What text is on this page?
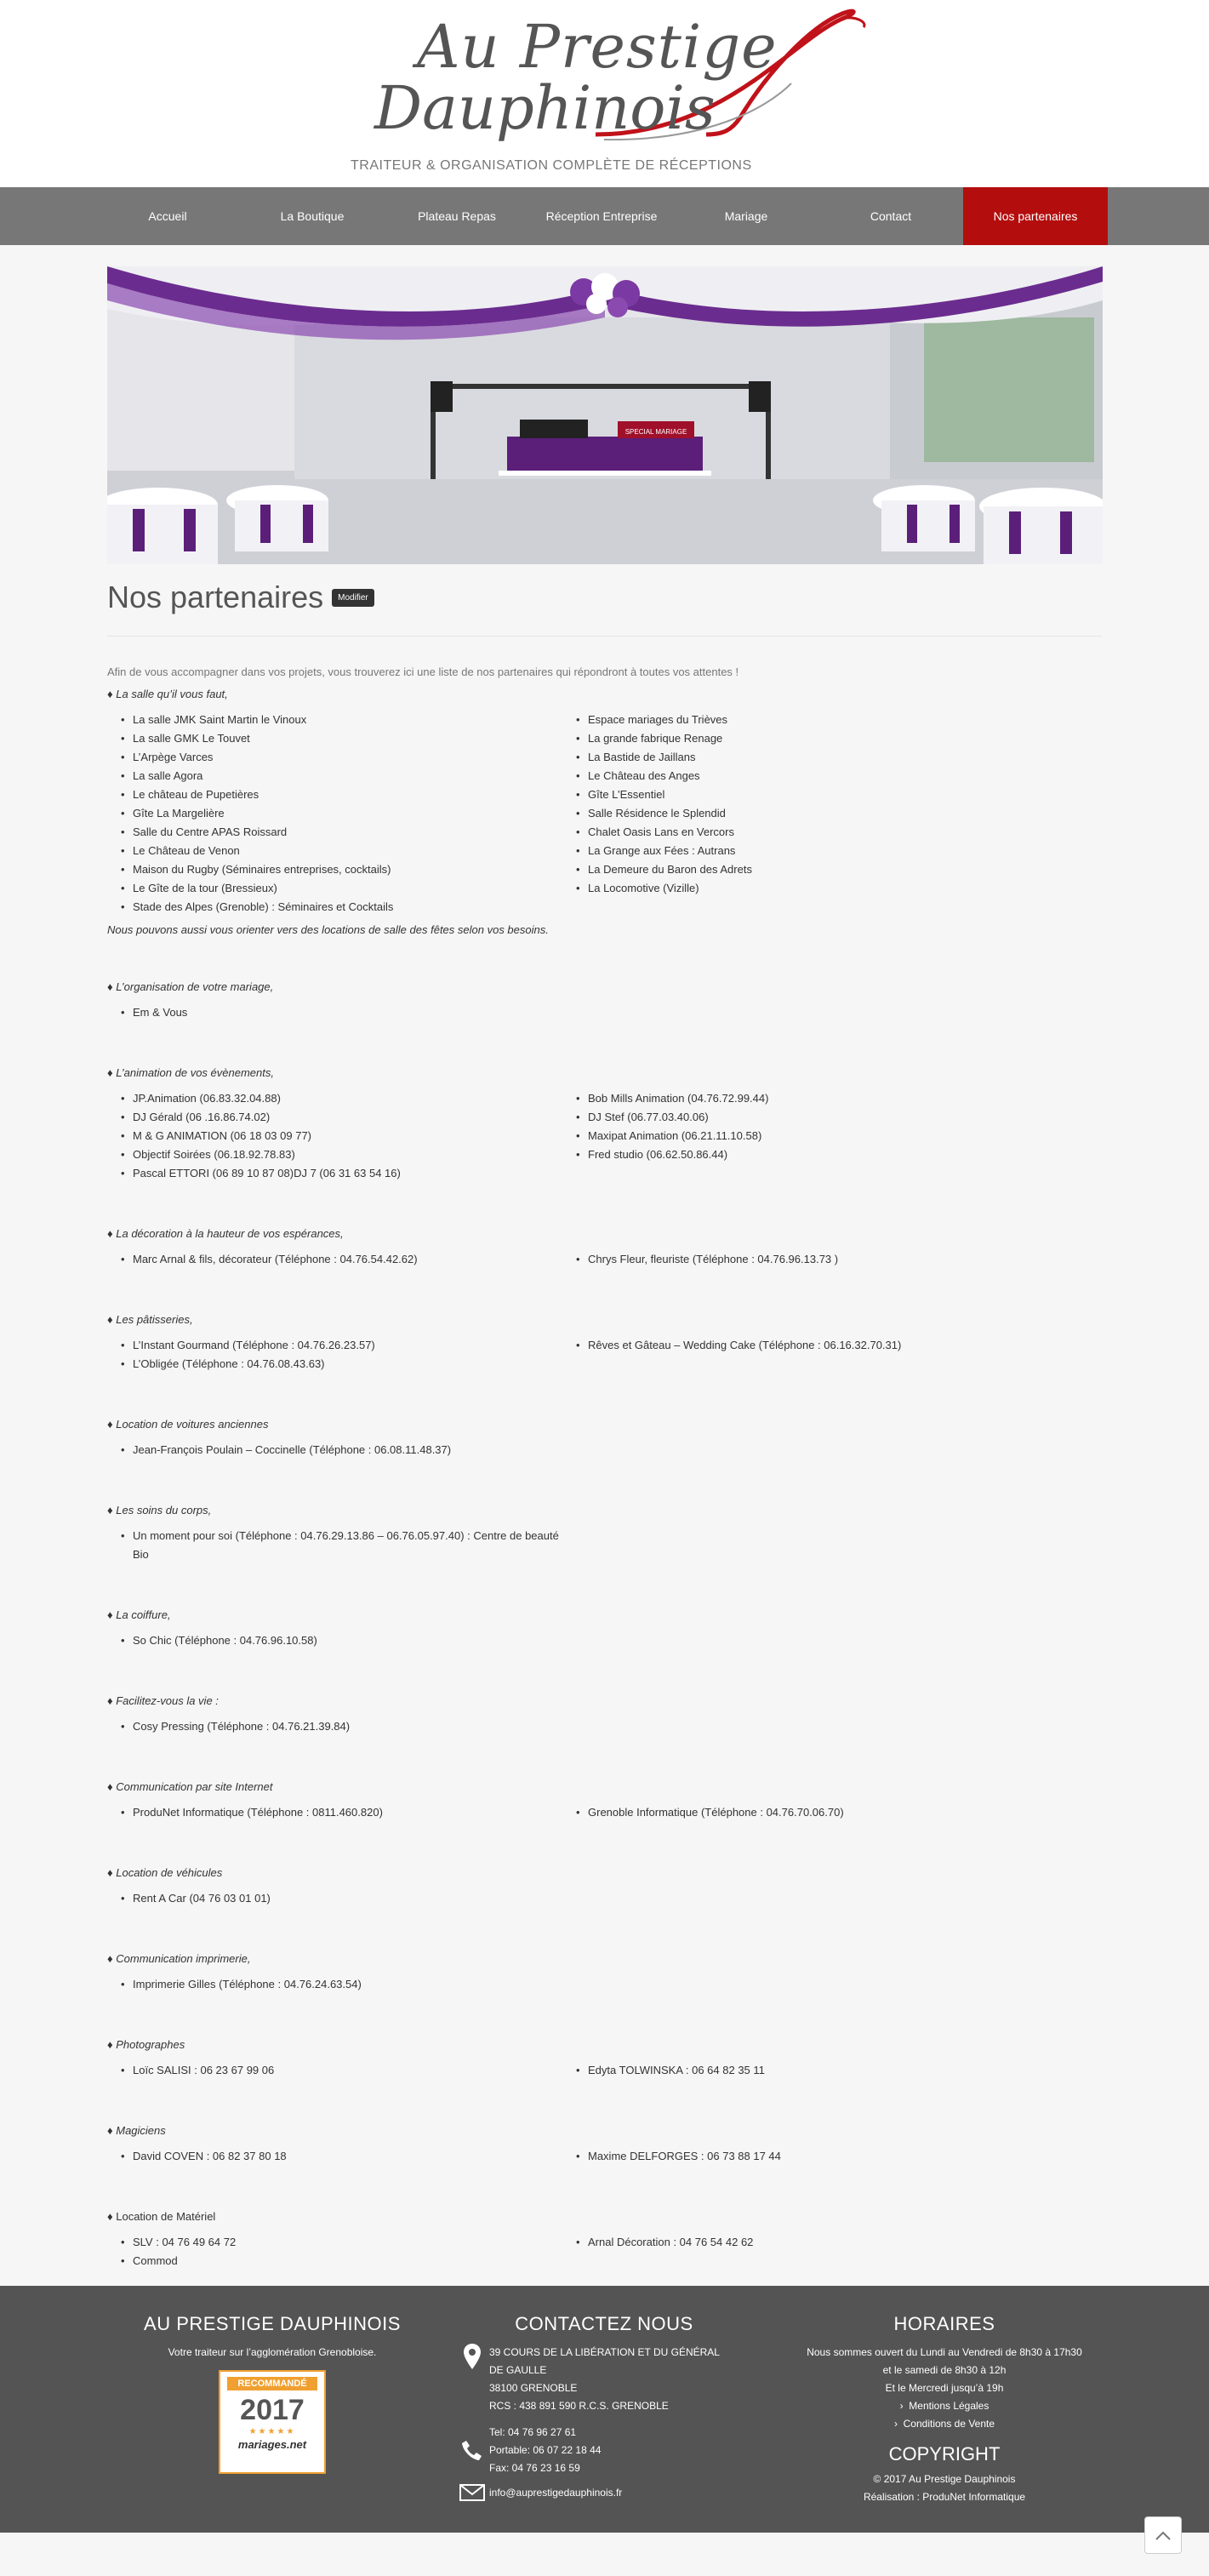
Au Prestige
Dauphinois
TRAITEUR & ORGANISATION COMPLÈTE DE RÉCEPTIONS
Accueil	La Boutique	Plateau Repas	Réception Entreprise	Mariage	Contact	Nos partenaires
SPECIAL MARIAGE
Nos partenaires	Modifier

Afin de vous accompagner dans vos projets, vous trouverez ici une liste de nos partenaires qui répondront à toutes vos attentes !

♦ La salle qu’il vous faut,
• La salle JMK Saint Martin le Vinoux
• La salle GMK Le Touvet
• L’Arpège Varces
• La salle Agora
• Le château de Pupetières
• Gîte La Margelière
• Salle du Centre APAS Roissard
• Le Château de Venon
• Maison du Rugby (Séminaires entreprises, cocktails)
• Le Gîte de la tour (Bressieux)
• Stade des Alpes (Grenoble) : Séminaires et Cocktails
• Espace mariages du Trièves
• La grande fabrique Renage
• La Bastide de Jaillans
• Le Château des Anges
• Gîte L’Essentiel
• Salle Résidence le Splendid
• Chalet Oasis Lans en Vercors
• La Grange aux Fées : Autrans
• La Demeure du Baron des Adrets
• La Locomotive (Vizille)
Nous pouvons aussi vous orienter vers des locations de salle des fêtes selon vos besoins.
♦ L’organisation de votre mariage,
• Em & Vous
♦ L’animation de vos évènements,
• JP.Animation (06.83.32.04.88)
• DJ Gérald (06 .16.86.74.02)
• M & G ANIMATION (06 18 03 09 77)
• Objectif Soirées (06.18.92.78.83)
• Pascal ETTORI (06 89 10 87 08)DJ 7 (06 31 63 54 16)
• Bob Mills Animation (04.76.72.99.44)
• DJ Stef (06.77.03.40.06)
• Maxipat Animation (06.21.11.10.58)
• Fred studio (06.62.50.86.44)
♦ La décoration à la hauteur de vos espérances,
• Marc Arnal & fils, décorateur (Téléphone : 04.76.54.42.62)	• Chrys Fleur, fleuriste (Téléphone : 04.76.96.13.73 )
♦ Les pâtisseries,
• L’Instant Gourmand (Téléphone : 04.76.26.23.57)
• L’Obligée (Téléphone : 04.76.08.43.63)
• Rêves et Gâteau – Wedding Cake (Téléphone : 06.16.32.70.31)
♦ Location de voitures anciennes
• Jean-François Poulain – Coccinelle (Téléphone : 06.08.11.48.37)
♦ Les soins du corps,
• Un moment pour soi (Téléphone : 04.76.29.13.86 – 06.76.05.97.40) : Centre de beauté Bio
♦ La coiffure,
• So Chic (Téléphone : 04.76.96.10.58)
♦ Facilitez-vous la vie :
• Cosy Pressing (Téléphone : 04.76.21.39.84)
♦ Communication par site Internet
• ProduNet Informatique (Téléphone : 0811.460.820)	• Grenoble Informatique (Téléphone : 04.76.70.06.70)
♦ Location de véhicules
• Rent A Car (04 76 03 01 01)
♦ Communication imprimerie,
• Imprimerie Gilles (Téléphone : 04.76.24.63.54)
♦ Photographes
• Loïc SALISI : 06 23 67 99 06	• Edyta TOLWINSKA : 06 64 82 35 11
♦ Magiciens
• David COVEN : 06 82 37 80 18	• Maxime DELFORGES : 06 73 88 17 44
♦ Location de Matériel
• SLV : 04 76 49 64 72
• Commod
• Arnal Décoration : 04 76 54 42 62
AU PRESTIGE DAUPHINOIS
Votre traiteur sur l’agglomération Grenobloise.
RECOMMANDÉ
2017
★★★★★
mariages.net
CONTACTEZ NOUS
39 COURS DE LA LIBÉRATION ET DU GÉNÉRAL
DE GAULLE
38100 GRENOBLE
RCS : 438 891 590 R.C.S. GRENOBLE
Tel: 04 76 96 27 61
Portable: 06 07 22 18 44
Fax: 04 76 23 16 59
info@auprestigedauphinois.fr
HORAIRES
Nous sommes ouvert du Lundi au Vendredi de 8h30 à 17h30
et le samedi de 8h30 à 12h
Et le Mercredi jusqu’à 19h
›  Mentions Légales
›  Conditions de Vente
COPYRIGHT
© 2017 Au Prestige Dauphinois
Réalisation : ProduNet Informatique
